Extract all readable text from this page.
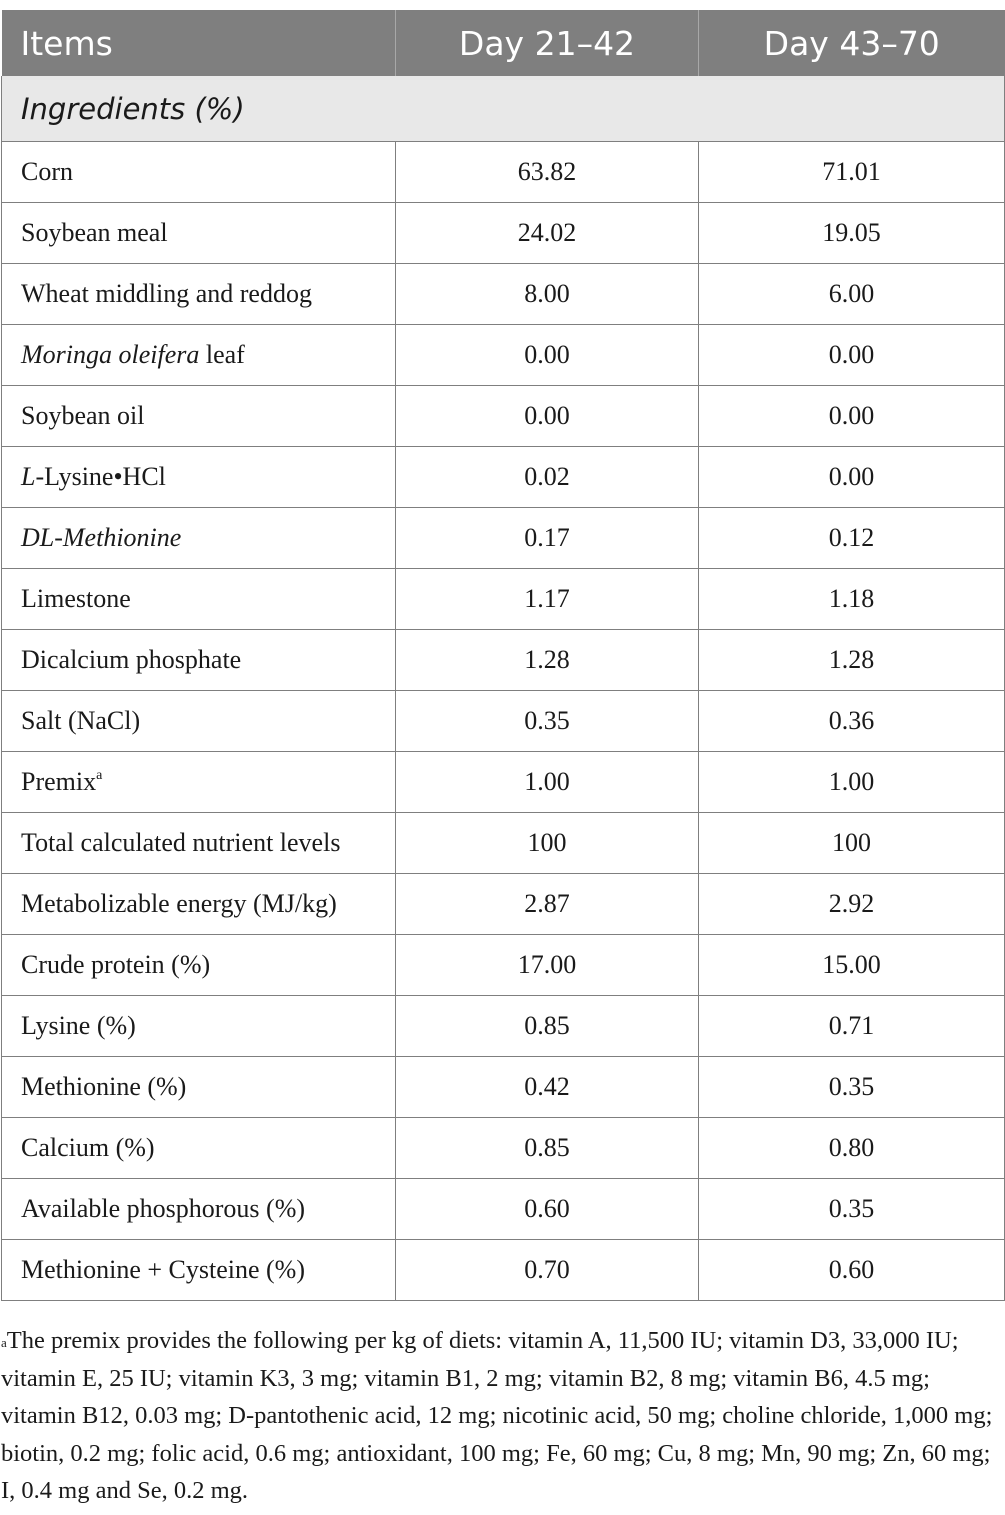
Items	Day 21–42	Day 43–70
Ingredients (%)		
Corn	63.82	71.01
Soybean meal	24.02	19.05
Wheat middling and reddog	8.00	6.00
Moringa oleifera leaf	0.00	0.00
Soybean oil	0.00	0.00
L-Lysine•HCl	0.02	0.00
DL-Methionine	0.17	0.12
Limestone	1.17	1.18
Dicalcium phosphate	1.28	1.28
Salt (NaCl)	0.35	0.36
Premix$^a$	1.00	1.00
Total calculated nutrient levels	100	100
Metabolizable energy (MJ/kg)	2.87	2.92
Crude protein (%)	17.00	15.00
Lysine (%)	0.85	0.71
Methionine (%)	0.42	0.35
Calcium (%)	0.85	0.80
Available phosphorous (%)	0.60	0.35
Methionine + Cysteine (%)	0.70	0.60

$^a$The premix provides the following per kg of diets: vitamin A, 11,500 IU; vitamin D3, 33,000 IU; vitamin E, 25 IU; vitamin K3, 3 mg; vitamin B1, 2 mg; vitamin B2, 8 mg; vitamin B6, 4.5 mg; vitamin B12, 0.03 mg; D-pantothenic acid, 12 mg; nicotinic acid, 50 mg; choline chloride, 1,000 mg; biotin, 0.2 mg; folic acid, 0.6 mg; antioxidant, 100 mg; Fe, 60 mg; Cu, 8 mg; Mn, 90 mg; Zn, 60 mg; I, 0.4 mg and Se, 0.2 mg.
